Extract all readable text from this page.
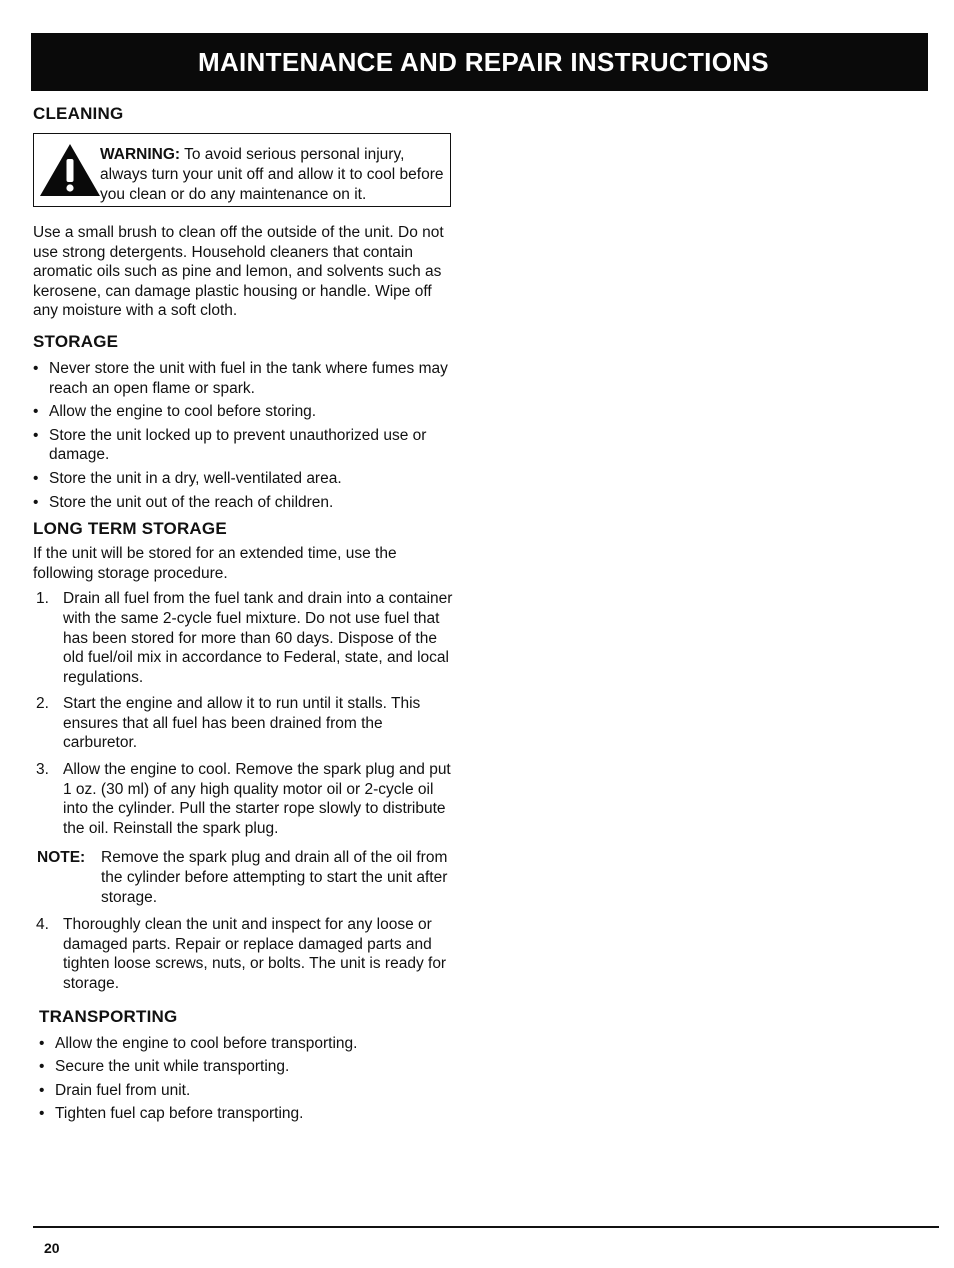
MAINTENANCE AND REPAIR INSTRUCTIONS
CLEANING
WARNING: To avoid serious personal injury, always turn your unit off and allow it to cool before you clean or do any maintenance on it.

Use a small brush to clean off the outside of the unit. Do not use strong detergents. Household cleaners that contain aromatic oils such as pine and lemon, and solvents such as kerosene, can damage plastic housing or handle. Wipe off any moisture with a soft cloth.

STORAGE
• Never store the unit with fuel in the tank where fumes may reach an open flame or spark.
• Allow the engine to cool before storing.
• Store the unit locked up to prevent unauthorized use or damage.
• Store the unit in a dry, well-ventilated area.
• Store the unit out of the reach of children.
LONG TERM STORAGE

If the unit will be stored for an extended time, use the following storage procedure.

1. Drain all fuel from the fuel tank and drain into a container with the same 2-cycle fuel mixture. Do not use fuel that has been stored for more than 60 days. Dispose of the old fuel/oil mix in accordance to Federal, state, and local regulations.
2. Start the engine and allow it to run until it stalls. This ensures that all fuel has been drained from the carburetor.
3. Allow the engine to cool. Remove the spark plug and put 1 oz. (30 ml) of any high quality motor oil or 2-cycle oil into the cylinder. Pull the starter rope slowly to distribute the oil. Reinstall the spark plug.
NOTE: Remove the spark plug and drain all of the oil from the cylinder before attempting to start the unit after storage.
4. Thoroughly clean the unit and inspect for any loose or damaged parts. Repair or replace damaged parts and tighten loose screws, nuts, or bolts. The unit is ready for storage.
TRANSPORTING
• Allow the engine to cool before transporting.
• Secure the unit while transporting.
• Drain fuel from unit.
• Tighten fuel cap before transporting.
20
